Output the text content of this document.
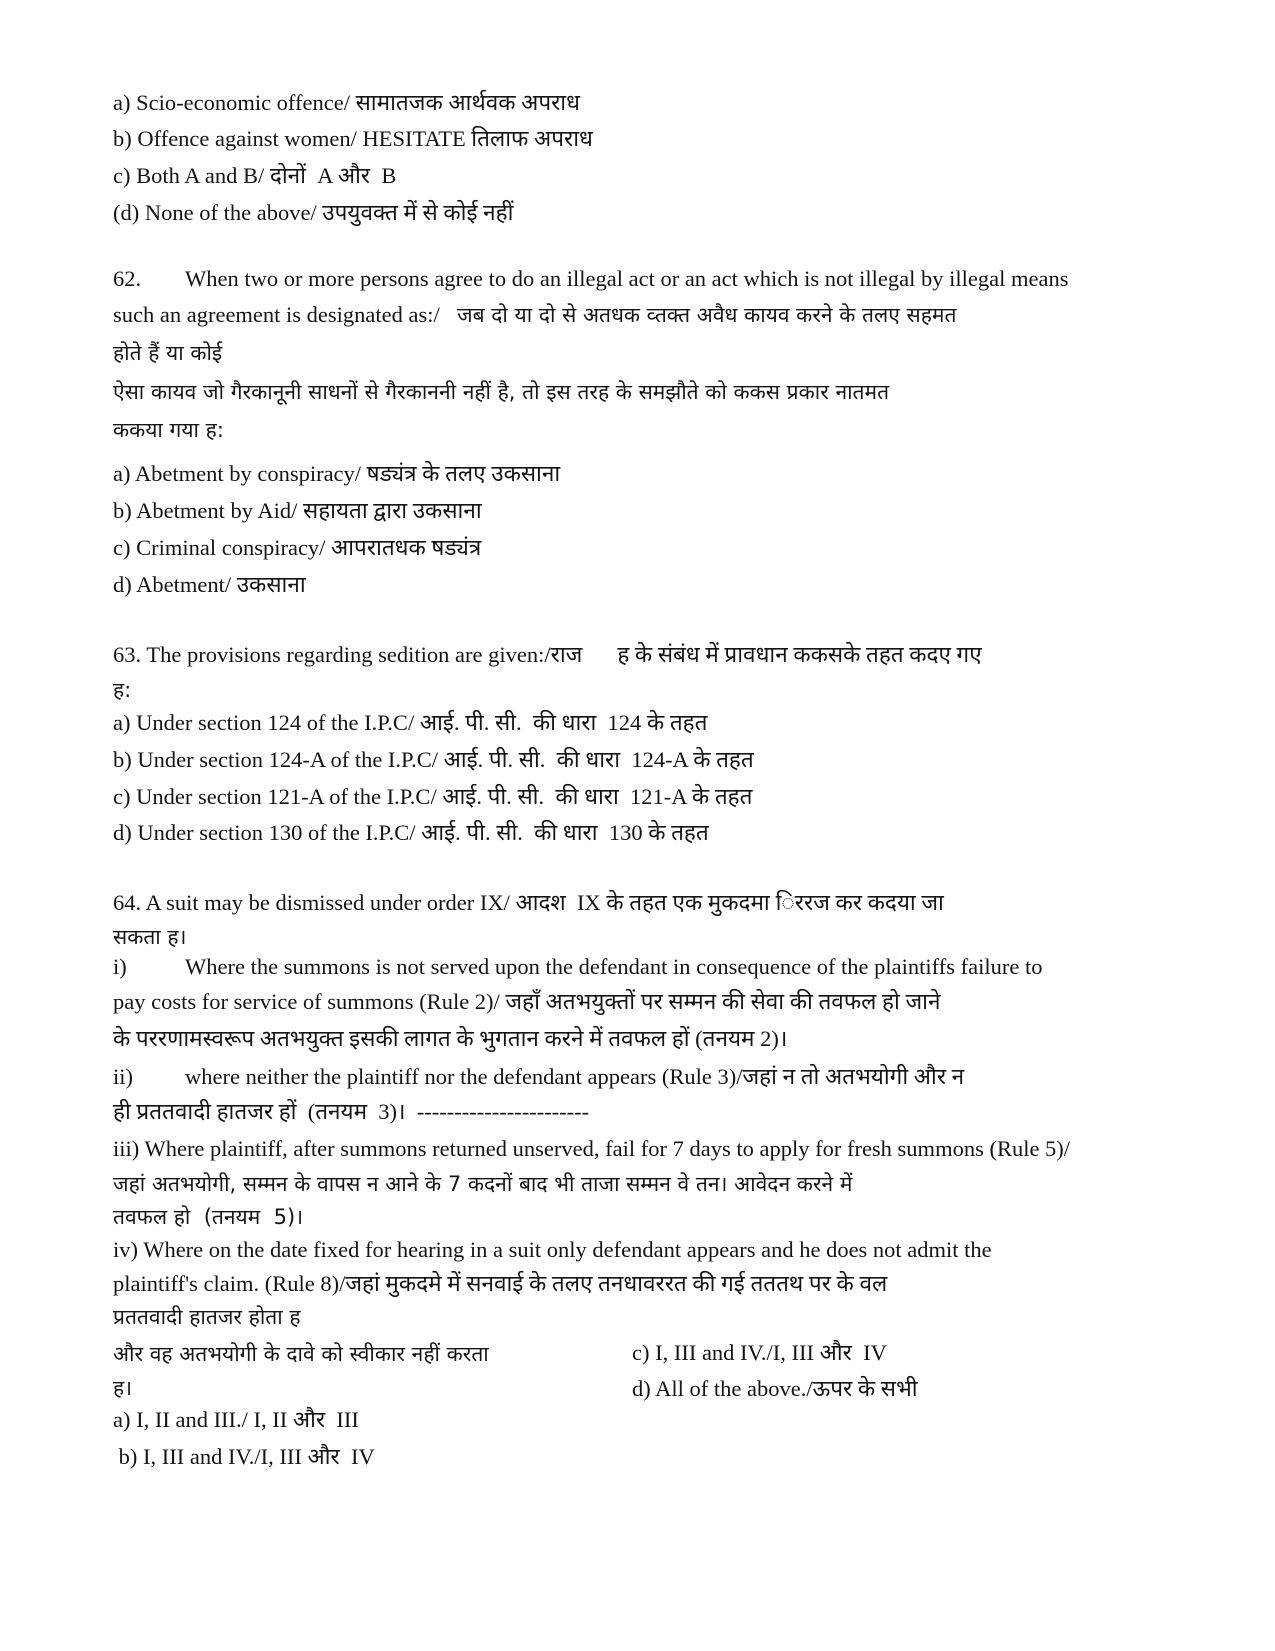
a) Scio-economic offence/ सामातजक आर्थवक अपराध
b) Offence against women/ HESITATE तिलाफ अपराध
c) Both A and B/ दोनों  A और  B
(d) None of the above/ उपयुवक्त में से कोई नहीं
62. When two or more persons agree to do an illegal act or an act which is not illegal by illegal means
such an agreement is designated as:/ जब दो या दो से अतधक व्तक्त अवैध कायव करने के तलए सहमत
होते हैं या कोई
ऐसा कायव जो गैरकानूनी साधनों से गैरकाननी नहीं है, तो इस तरह के समझौते को ककस प्रकार नातमत
ककया गया ह:
a) Abetment by conspiracy/ षड्यंत्र के तलए उकसाना
b) Abetment by Aid/ सहायता द्वारा उकसाना
c) Criminal conspiracy/ आपरातधक षड्यंत्र
d) Abetment/ उकसाना
63. The provisions regarding sedition are given:/राज✐ोह के संबंध में प्रावधान ककसके तहत कदए गए
ह:
a) Under section 124 of the I.P.C/ आई. पी. सी.  की धारा  124 के तहत
b) Under section 124-A of the I.P.C/ आई. पी. सी.  की धारा  124-A के तहत
c) Under section 121-A of the I.P.C/ आई. पी. सी.  की धारा  121-A के तहत
d) Under section 130 of the I.P.C/ आई. पी. सी.  की धारा  130 के तहत
64. A suit may be dismissed under order IX/ आदश  IX के तहत एक मुकदमा िररज कर कदया जा
सकता ह।
i)	Where the summons is not served upon the defendant in consequence of the plaintiffs failure to
pay costs for service of summons (Rule 2)/ जहाँ अतभयुक्तों पर सम्मन की सेवा की तवफल हो जाने
के पररणामस्वरूप अतभयुक्त इसकी लागत के भुगतान करने में तवफल हों (तनयम 2)।
ii) where neither the plaintiff nor the defendant appears (Rule 3)/जहां न तो अतभयोगी और न
ही प्रततवादी हातजर हों  (तनयम  3)।  -----------------------
iii) Where plaintiff, after summons returned unserved, fail for 7 days to apply for fresh summons (Rule 5)/
जहां अतभयोगी, सम्मन के वापस न आने के 7 कदनों बाद भी ताजा सम्मन वे तन। आवेदन करने में
तवफल हो  (तनयम  5)।
iv) Where on the date fixed for hearing in a suit only defendant appears and he does not admit the
plaintiff's claim. (Rule 8)/जहां मुकदमे में सनवाई के तलए तनधावररत की गई तततथ पर के वल
प्रततवादी हातजर होता ह
और वह अतभयोगी के दावे को स्वीकार नहीं करता
ह।
a) I, II and III./ I, II और  III
b) I, III and IV./I, III और  IV
c) I, III and IV./I, III और  IV
d) All of the above./ऊपर के सभी
